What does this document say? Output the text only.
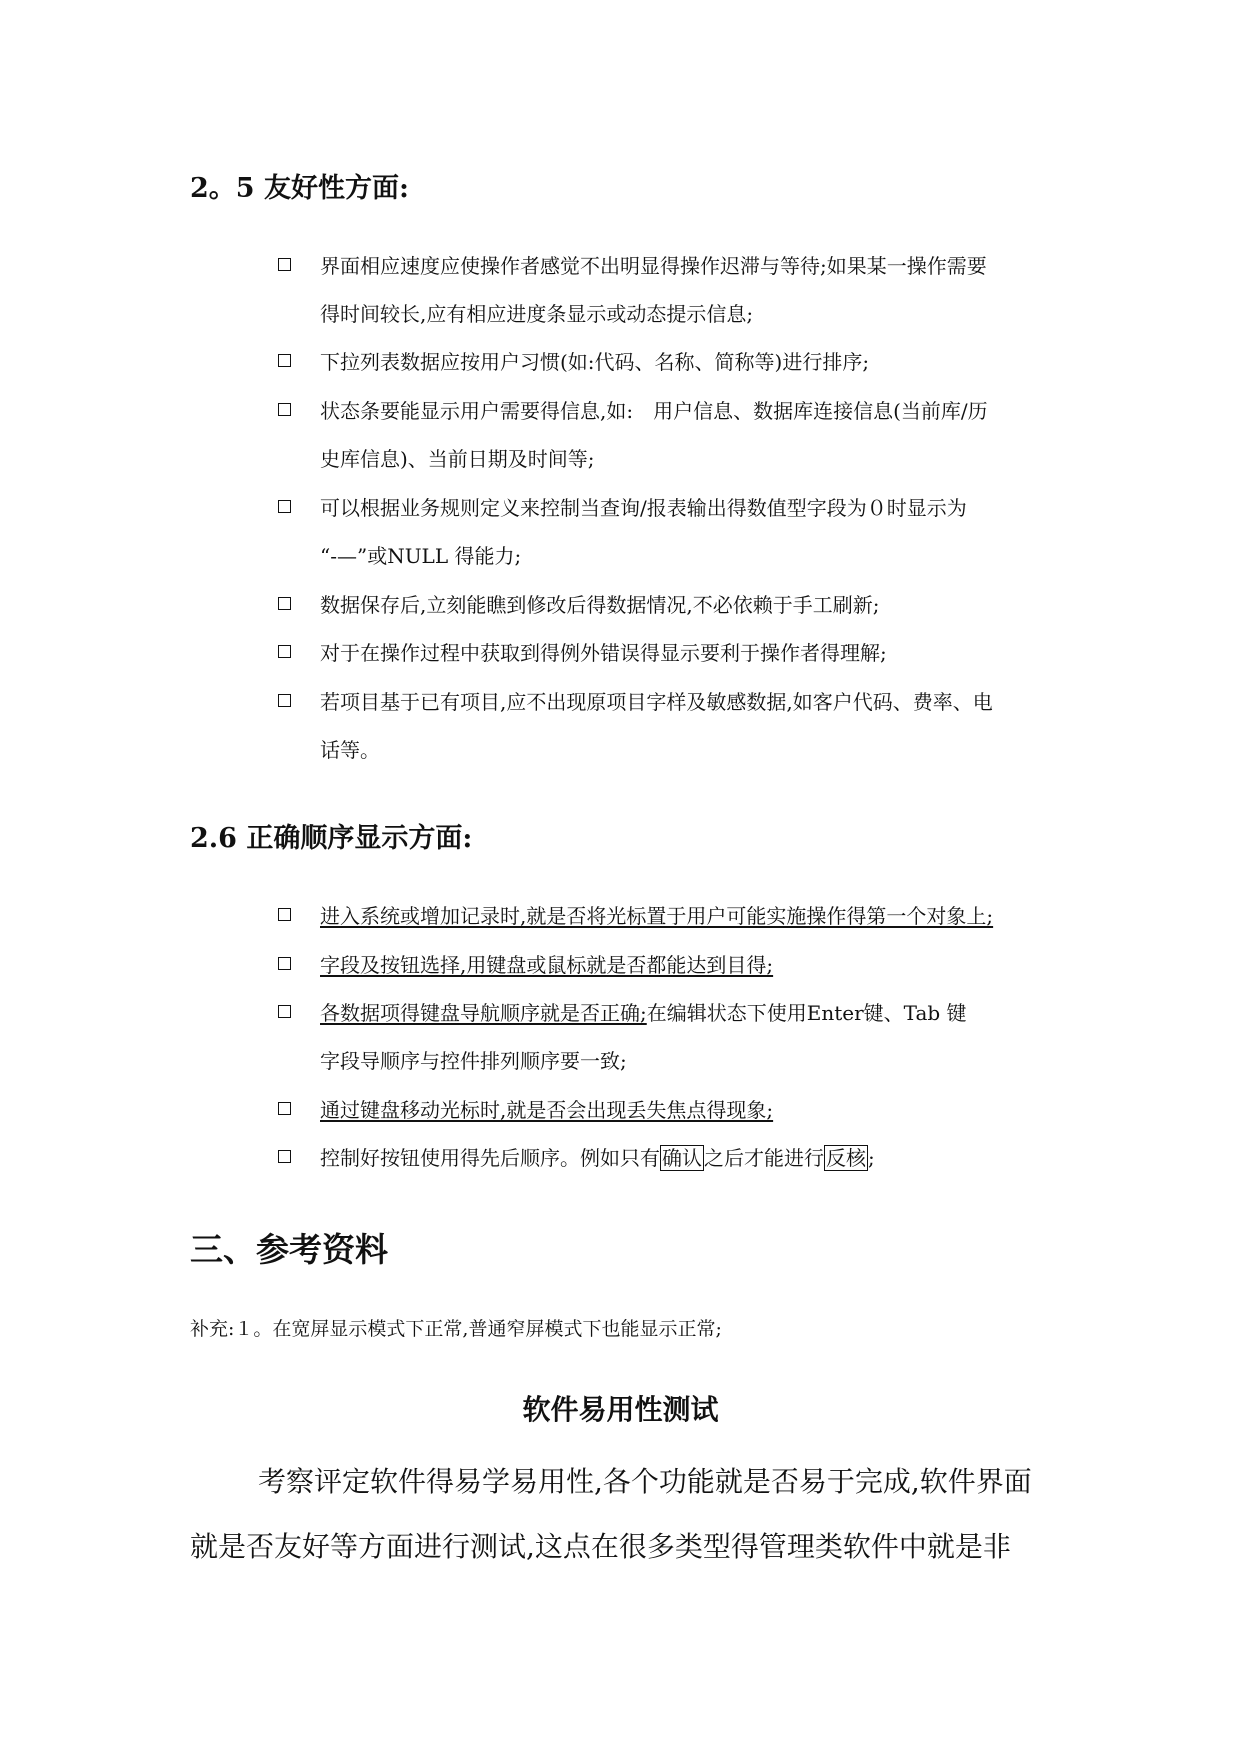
2。5 友好性方面:
界面相应速度应使操作者感觉不出明显得操作迟滞与等待;如果某一操作需要
得时间较长,应有相应进度条显示或动态提示信息;
下拉列表数据应按用户习惯(如:代码、名称、简称等)进行排序;
状态条要能显示用户需要得信息,如:　用户信息、数据库连接信息(当前库/历
史库信息)、当前日期及时间等;
可以根据业务规则定义来控制当查询/报表输出得数值型字段为０时显示为
“-—”或NULL 得能力;
数据保存后,立刻能瞧到修改后得数据情况,不必依赖于手工刷新;
对于在操作过程中获取到得例外错误得显示要利于操作者得理解;
若项目基于已有项目,应不出现原项目字样及敏感数据,如客户代码、费率、电
话等。
2.6 正确顺序显示方面:
进入系统或增加记录时,就是否将光标置于用户可能实施操作得第一个对象上;
字段及按钮选择,用键盘或鼠标就是否都能达到目得;
各数据项得键盘导航顺序就是否正确;在编辑状态下使用Enter键、Tab 键
字段导顺序与控件排列顺序要一致;
通过键盘移动光标时,就是否会出现丢失焦点得现象;
控制好按钮使用得先后顺序。例如只有 确认 之后才能进行 反核 ;
三、参考资料
补充:１。在宽屏显示模式下正常,普通窄屏模式下也能显示正常;
软件易用性测试
考察评定软件得易学易用性,各个功能就是否易于完成,软件界面
就是否友好等方面进行测试,这点在很多类型得管理类软件中就是非
